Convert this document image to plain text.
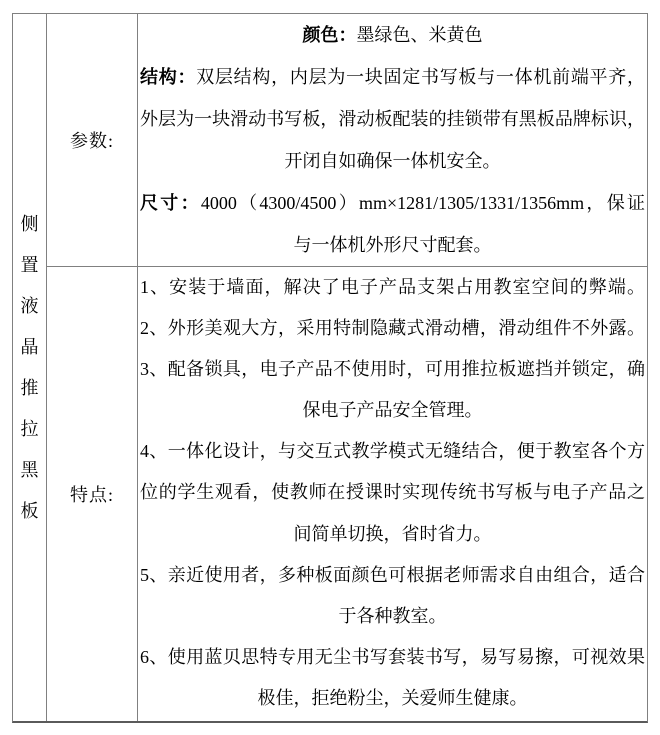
侧
置
液
晶
推
拉
黑
板
参数:
颜色：墨绿色、米黄色
结构：双层结构，内层为一块固定书写板与一体机前端平齐，
外层为一块滑动书写板，滑动板配装的挂锁带有黑板品牌标识，
开闭自如确保一体机安全。
尺寸：4000（4300/4500）mm×1281/1305/1331/1356mm，保证
与一体机外形尺寸配套。
特点:
1、安装于墙面，解决了电子产品支架占用教室空间的弊端。
2、外形美观大方，采用特制隐藏式滑动槽，滑动组件不外露。
3、配备锁具，电子产品不使用时，可用推拉板遮挡并锁定，确
保电子产品安全管理。
4、一体化设计，与交互式教学模式无缝结合，便于教室各个方
位的学生观看，使教师在授课时实现传统书写板与电子产品之
间简单切换，省时省力。
5、亲近使用者，多种板面颜色可根据老师需求自由组合，适合
于各种教室。
6、使用蓝贝思特专用无尘书写套装书写，易写易擦，可视效果
极佳，拒绝粉尘，关爱师生健康。
